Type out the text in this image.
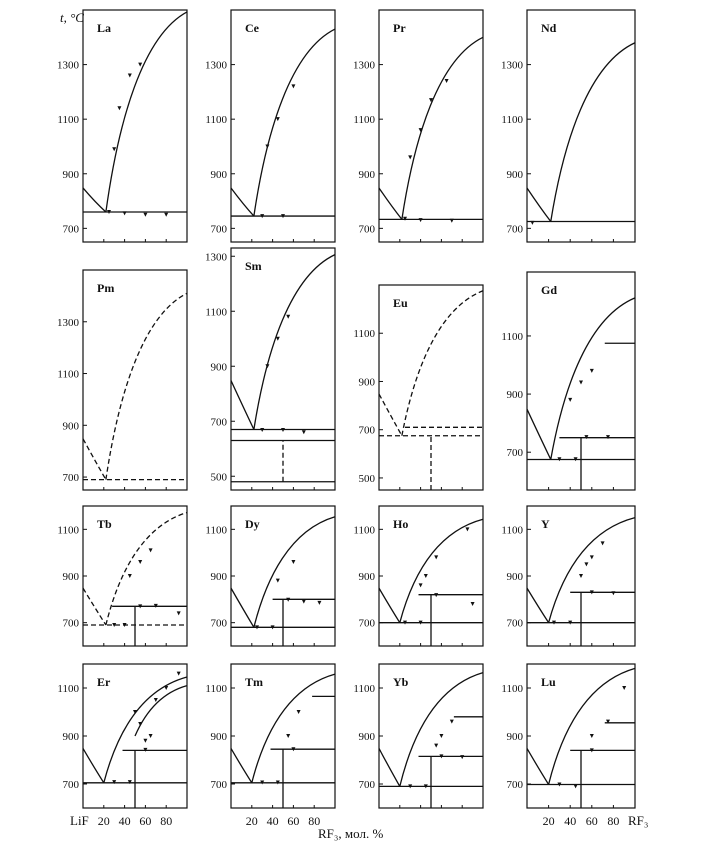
La
700
900
1100
1300
Ce
700
900
1100
1300
Pr
700
900
1100
1300
Nd
700
900
1100
1300
Pm
700
900
1100
1300
Sm
500
700
900
1100
1300
Eu
500
700
900
1100
Gd
700
900
1100
Tb
700
900
1100	Dy
700
900
1100	Ho
700
900
1100	Y
700
900
1100
Er
700
900
1100	Tm
700
900
1100	Yb
700
900
1100	Lu
700
900
1100
t, °C
LiF	RF₃
RF₃, мол. %
20 40 60 80	20 40 60 80	20 40 60 80
